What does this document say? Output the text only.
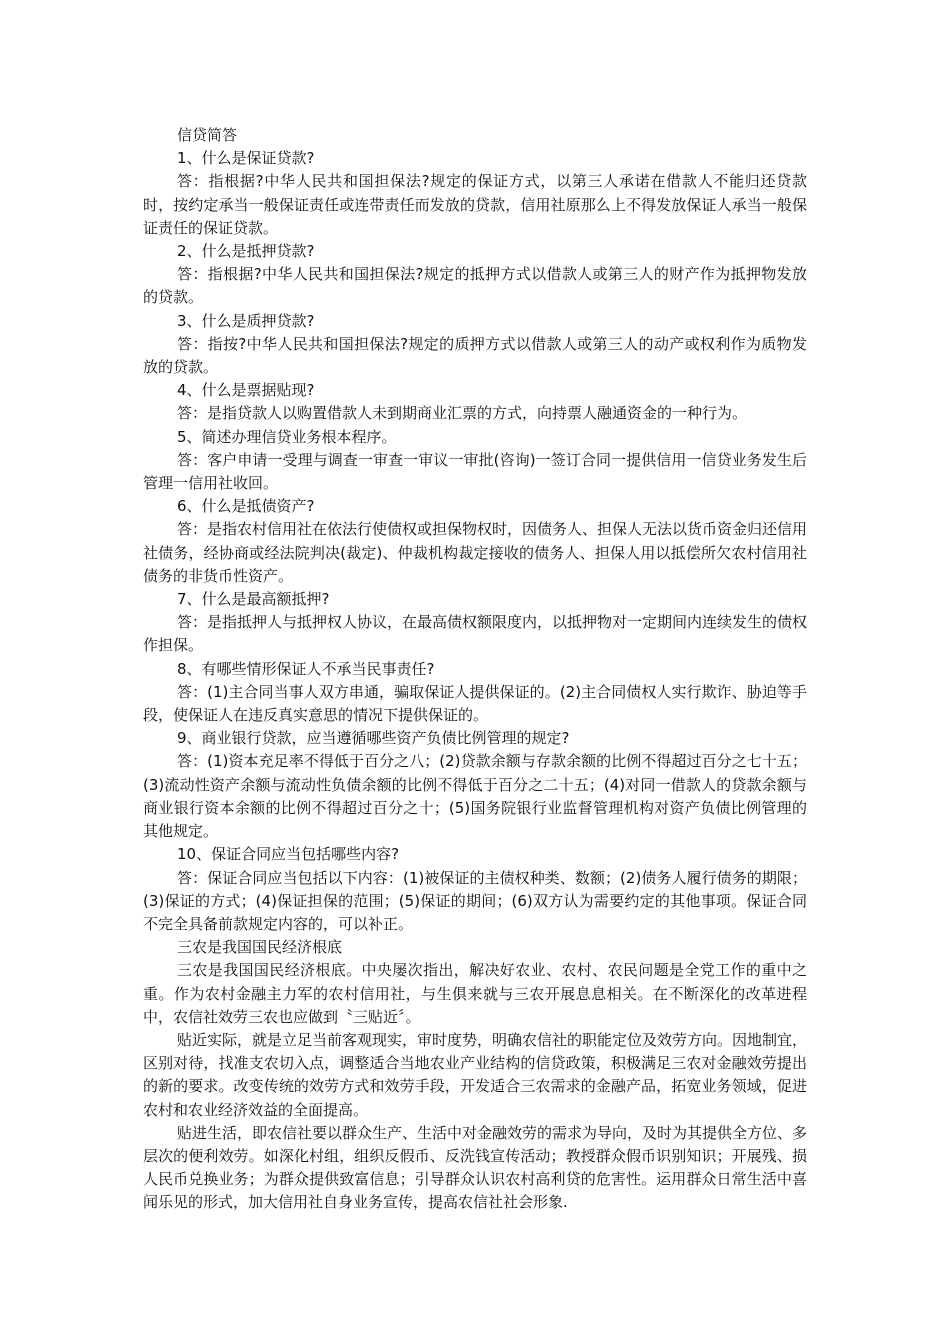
信贷简答

1、什么是保证贷款?

答：指根据?中华人民共和国担保法?规定的保证方式，以第三人承诺在借款人不能归还贷款时，按约定承当一般保证责任或连带责任而发放的贷款，信用社原那么上不得发放保证人承当一般保证责任的保证贷款。

2、什么是抵押贷款?

答：指根据?中华人民共和国担保法?规定的抵押方式以借款人或第三人的财产作为抵押物发放的贷款。

3、什么是质押贷款?

答：指按?中华人民共和国担保法?规定的质押方式以借款人或第三人的动产或权利作为质物发放的贷款。

4、什么是票据贴现?

答：是指贷款人以购置借款人未到期商业汇票的方式，向持票人融通资金的一种行为。

5、简述办理信贷业务根本程序。

答：客户申请一受理与调查一审查一审议一审批(咨询)一签订合同一提供信用一信贷业务发生后管理一信用社收回。

6、什么是抵债资产?

答：是指农村信用社在依法行使债权或担保物权时，因债务人、担保人无法以货币资金归还信用社债务，经协商或经法院判决(裁定)、仲裁机构裁定接收的债务人、担保人用以抵偿所欠农村信用社债务的非货币性资产。

7、什么是最高额抵押?

答：是指抵押人与抵押权人协议，在最高债权额限度内，以抵押物对一定期间内连续发生的债权作担保。

8、有哪些情形保证人不承当民事责任?

答：(1)主合同当事人双方串通，骗取保证人提供保证的。(2)主合同债权人实行欺诈、胁迫等手段，使保证人在违反真实意思的情况下提供保证的。

9、商业银行贷款，应当遵循哪些资产负债比例管理的规定?

答：(1)资本充足率不得低于百分之八；(2)贷款余额与存款余额的比例不得超过百分之七十五；(3)流动性资产余额与流动性负债余额的比例不得低于百分之二十五；(4)对同一借款人的贷款余额与商业银行资本余额的比例不得超过百分之十；(5)国务院银行业监督管理机构对资产负债比例管理的其他规定。

10、保证合同应当包括哪些内容?

答：保证合同应当包括以下内容：(1)被保证的主债权种类、数额；(2)债务人履行债务的期限；(3)保证的方式；(4)保证担保的范围；(5)保证的期间；(6)双方认为需要约定的其他事项。保证合同不完全具备前款规定内容的，可以补正。

三农是我国国民经济根底

三农是我国国民经济根底。中央屡次指出，解决好农业、农村、农民问题是全党工作的重中之重。作为农村金融主力军的农村信用社，与生俱来就与三农开展息息相关。在不断深化的改革进程中，农信社效劳三农也应做到〝三贴近〞。

贴近实际，就是立足当前客观现实，审时度势，明确农信社的职能定位及效劳方向。因地制宜，区别对待，找准支农切入点，调整适合当地农业产业结构的信贷政策，积极满足三农对金融效劳提出的新的要求。改变传统的效劳方式和效劳手段，开发适合三农需求的金融产品，拓宽业务领域，促进农村和农业经济效益的全面提高。

贴进生活，即农信社要以群众生产、生活中对金融效劳的需求为导向，及时为其提供全方位、多层次的便利效劳。如深化村组，组织反假币、反洗钱宣传活动；教授群众假币识别知识；开展残、损人民币兑换业务；为群众提供致富信息；引导群众认识农村高利贷的危害性。运用群众日常生活中喜闻乐见的形式，加大信用社自身业务宣传，提高农信社社会形象.
